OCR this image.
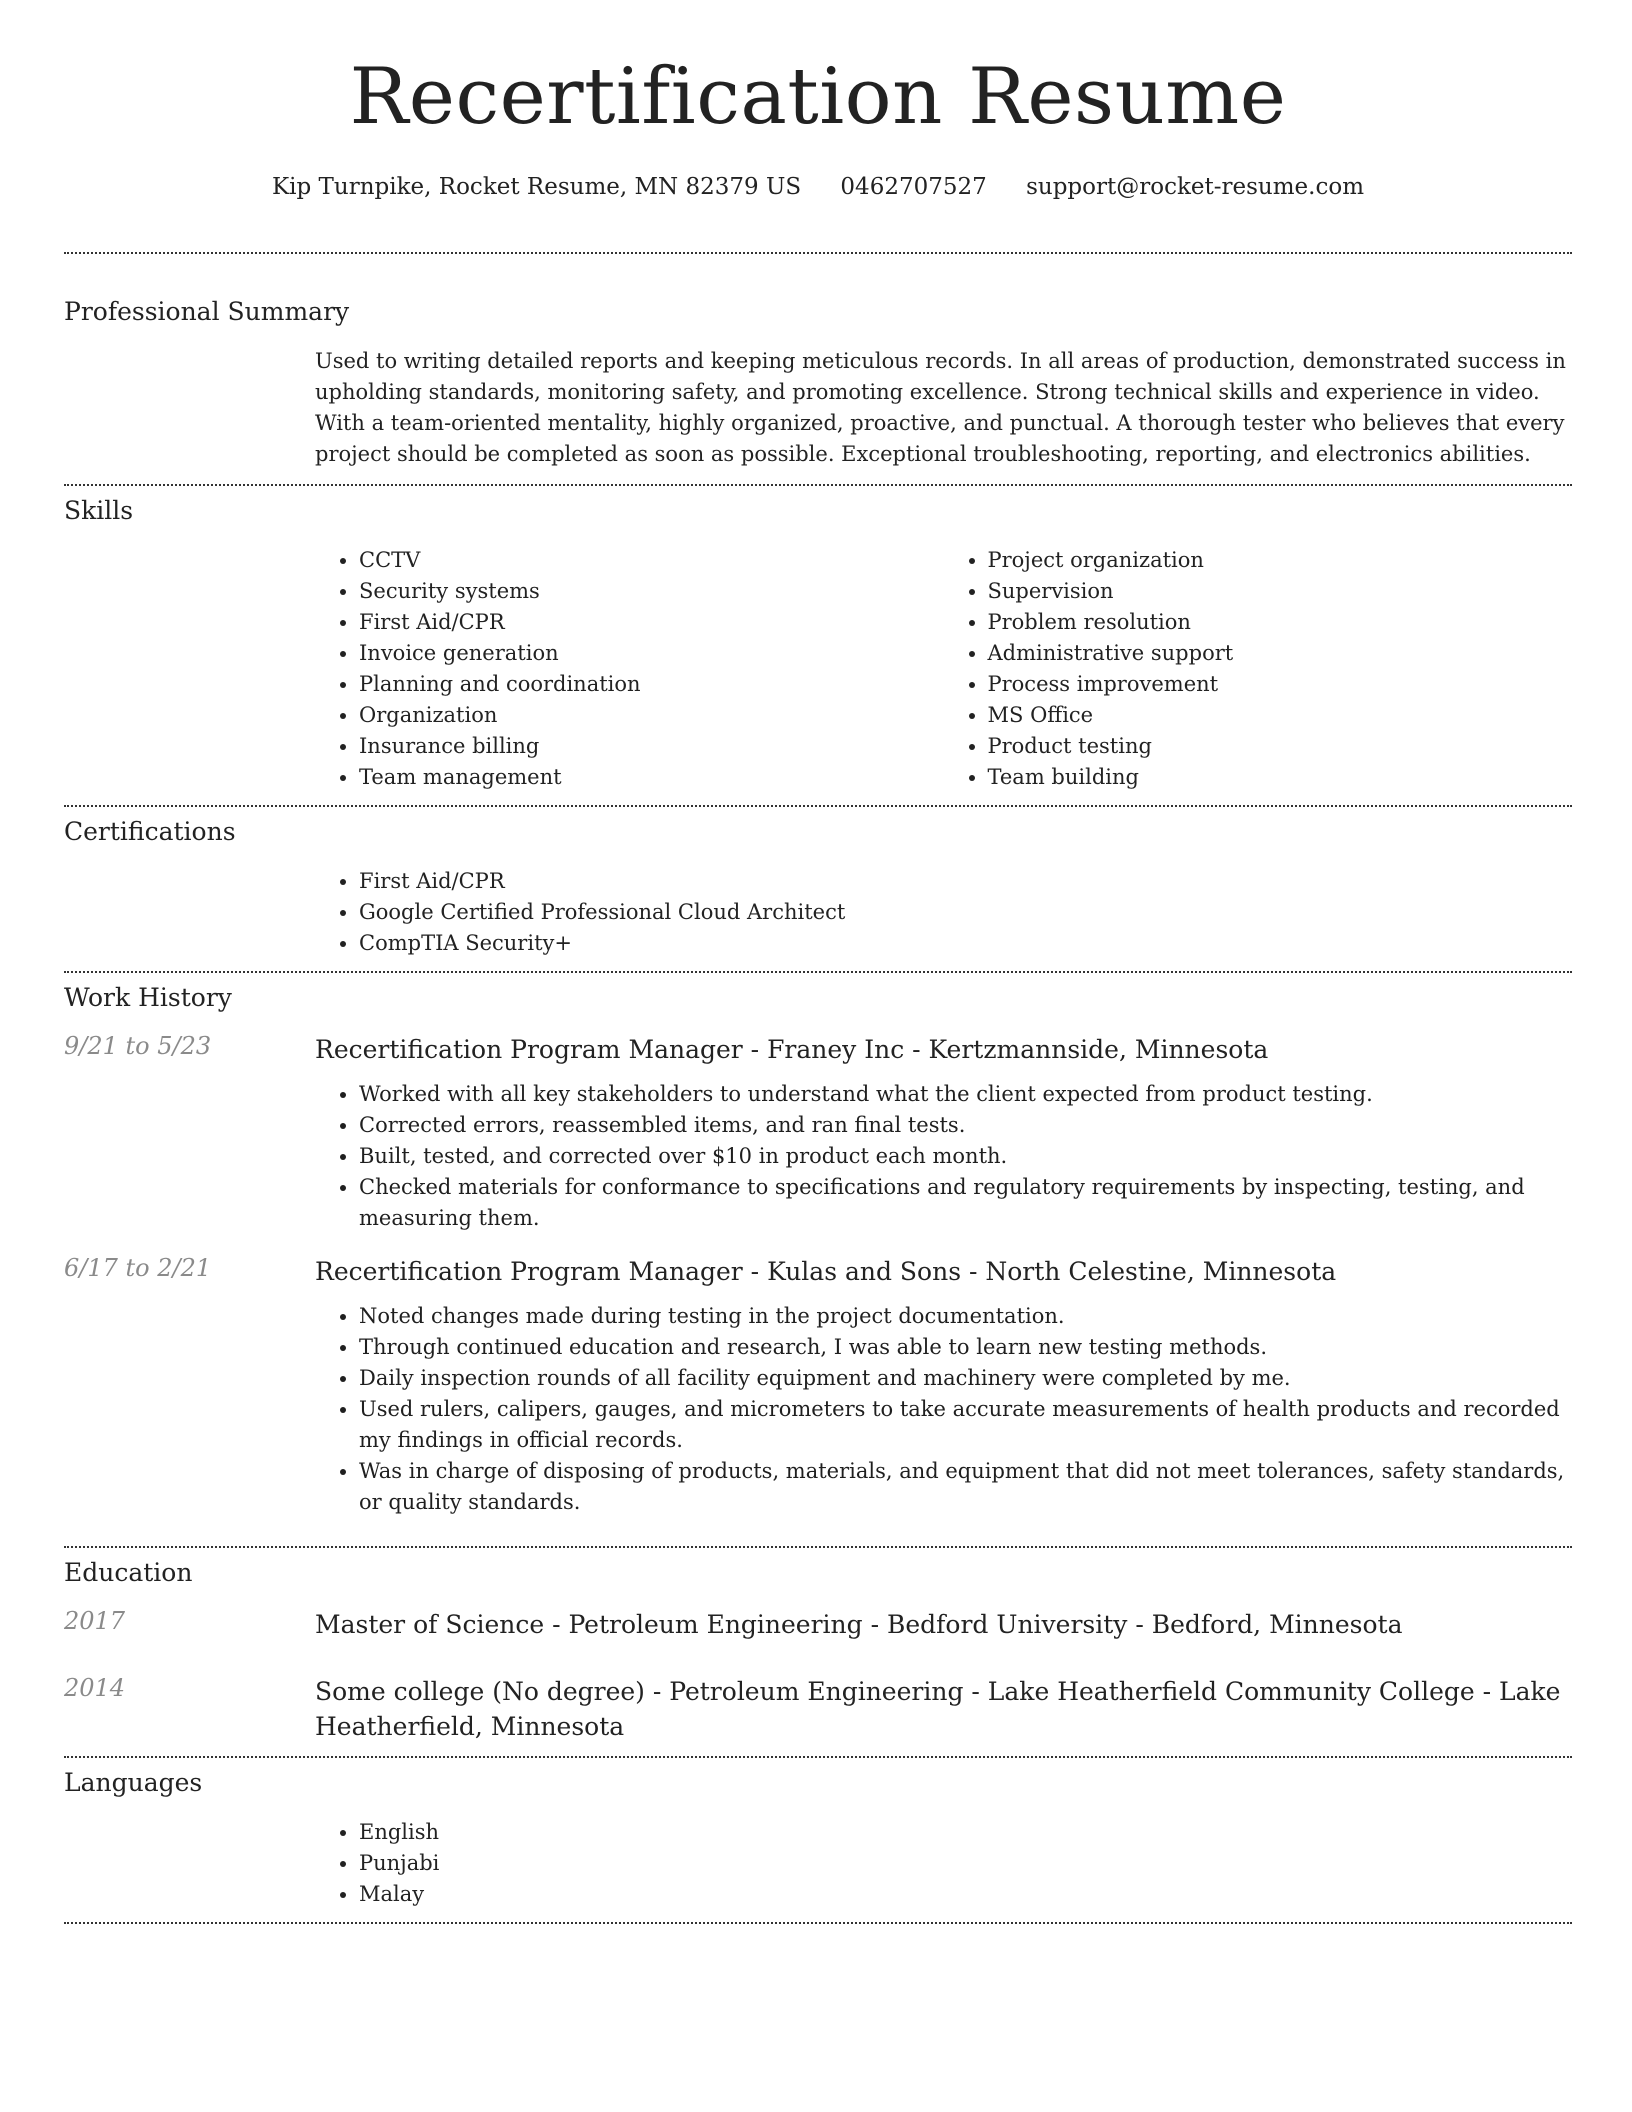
Recertification Resume
Kip Turnpike, Rocket Resume, MN 82379 US 0462707527 support@rocket-resume.com
Professional Summary
Used to writing detailed reports and keeping meticulous records. In all areas of production, demonstrated success in upholding standards, monitoring safety, and promoting excellence. Strong technical skills and experience in video. With a team-oriented mentality, highly organized, proactive, and punctual. A thorough tester who believes that every project should be completed as soon as possible. Exceptional troubleshooting, reporting, and electronics abilities.
Skills
• CCTV
• Security systems
• First Aid/CPR
• Invoice generation
• Planning and coordination
• Organization
• Insurance billing
• Team management
• Project organization
• Supervision
• Problem resolution
• Administrative support
• Process improvement
• MS Office
• Product testing
• Team building
Certifications
• First Aid/CPR
• Google Certified Professional Cloud Architect
• CompTIA Security+
Work History
9/21 to 5/23	Recertification Program Manager - Franey Inc - Kertzmannside, Minnesota
• Worked with all key stakeholders to understand what the client expected from product testing.
• Corrected errors, reassembled items, and ran final tests.
• Built, tested, and corrected over $10 in product each month.
• Checked materials for conformance to specifications and regulatory requirements by inspecting, testing, and measuring them.
6/17 to 2/21	Recertification Program Manager - Kulas and Sons - North Celestine, Minnesota
• Noted changes made during testing in the project documentation.
• Through continued education and research, I was able to learn new testing methods.
• Daily inspection rounds of all facility equipment and machinery were completed by me.
• Used rulers, calipers, gauges, and micrometers to take accurate measurements of health products and recorded my findings in official records.
• Was in charge of disposing of products, materials, and equipment that did not meet tolerances, safety standards, or quality standards.
Education
2017	Master of Science - Petroleum Engineering - Bedford University - Bedford, Minnesota
2014	Some college (No degree) - Petroleum Engineering - Lake Heatherfield Community College - Lake Heatherfield, Minnesota
Languages
• English
• Punjabi
• Malay
